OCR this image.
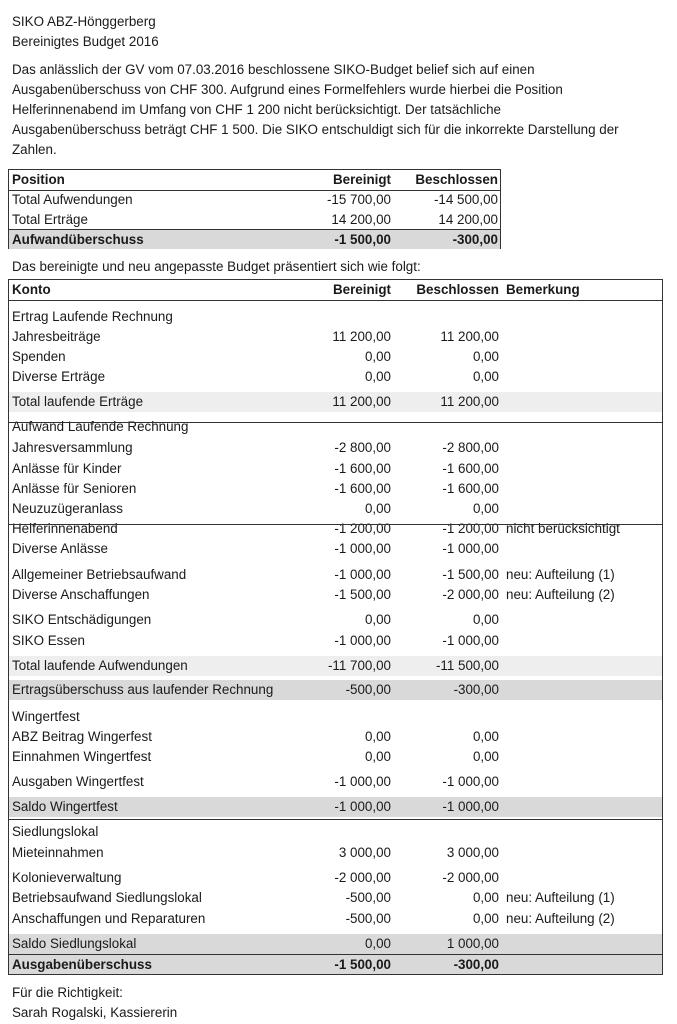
SIKO ABZ-Hönggerberg
Bereinigtes Budget 2016
Das anlässlich der GV vom 07.03.2016 beschlossene SIKO-Budget belief sich auf einen
Ausgabenüberschuss von CHF 300. Aufgrund eines Formelfehlers wurde hierbei die Position
Helferinnenabend im Umfang von CHF 1 200 nicht berücksichtigt. Der tatsächliche
Ausgabenüberschuss beträgt CHF 1 500. Die SIKO entschuldigt sich für die inkorrekte Darstellung der
Zahlen.
Position	Bereinigt Beschlossen
Total Aufwendungen	-15 700,00	-14 500,00
Total Erträge	14 200,00	14 200,00
Aufwandüberschuss	-1 500,00	-300,00
Das bereinigte und neu angepasste Budget präsentiert sich wie folgt:
Konto	Bereinigt Beschlossen Bemerkung
Ertrag Laufende Rechnung
Jahresbeiträge	11 200,00	11 200,00
Spenden	0,00	0,00
Diverse Erträge	0,00	0,00
Total laufende Erträge	11 200,00	11 200,00
Aufwand Laufende Rechnung
Jahresversammlung	-2 800,00	-2 800,00
Anlässe für Kinder	-1 600,00	-1 600,00
Anlässe für Senioren	-1 600,00	-1 600,00
Neuzuzügeranlass	0,00	0,00
Helferinnenabend	-1 200,00	-1 200,00 nicht berücksichtigt
Diverse Anlässe	-1 000,00	-1 000,00
Allgemeiner Betriebsaufwand	-1 000,00	-1 500,00 neu: Aufteilung (1)
Diverse Anschaffungen	-1 500,00	-2 000,00 neu: Aufteilung (2)
SIKO Entschädigungen	0,00	0,00
SIKO Essen	-1 000,00	-1 000,00
Total laufende Aufwendungen	-11 700,00	-11 500,00
Ertragsüberschuss aus laufender Rechnung	-500,00	-300,00
Wingertfest
ABZ Beitrag Wingerfest	0,00	0,00
Einnahmen Wingertfest	0,00	0,00
Ausgaben Wingertfest	-1 000,00	-1 000,00
Saldo Wingertfest	-1 000,00	-1 000,00
Siedlungslokal
Mieteinnahmen	3 000,00	3 000,00
Kolonieverwaltung	-2 000,00	-2 000,00
Betriebsaufwand Siedlungslokal	-500,00	0,00 neu: Aufteilung (1)
Anschaffungen und Reparaturen	-500,00	0,00 neu: Aufteilung (2)
Saldo Siedlungslokal	0,00	1 000,00
Ausgabenüberschuss	-1 500,00	-300,00
Für die Richtigkeit:
Sarah Rogalski, Kassiererin
